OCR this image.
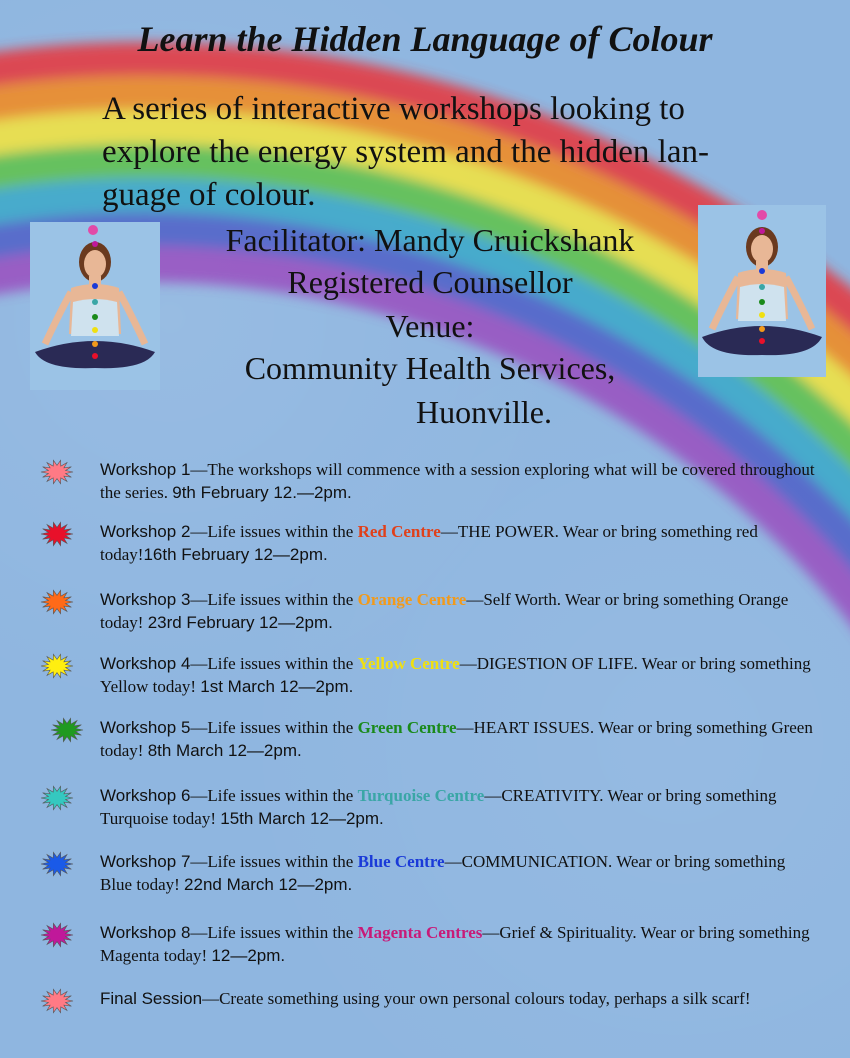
Learn the Hidden Language of Colour

A series of interactive workshops looking to
explore the energy system and the hidden lan-
guage of colour.

Facilitator: Mandy Cruickshank
Registered Counsellor
Venue:
Community Health Services,
Huonville.
Workshop 1—The workshops will commence with a session exploring what will be covered throughout the series. 9th February 12.—2pm.
Workshop 2—Life issues within the Red Centre—THE POWER. Wear or bring something red today!16th February 12—2pm.
Workshop 3—Life issues within the Orange Centre—Self Worth. Wear or bring something Orange today! 23rd February 12—2pm.
Workshop 4—Life issues within the Yellow Centre—DIGESTION OF LIFE. Wear or bring something Yellow today! 1st March 12—2pm.
Workshop 5—Life issues within the Green Centre—HEART ISSUES. Wear or bring something Green today! 8th March 12—2pm.
Workshop 6—Life issues within the Turquoise Centre—CREATIVITY. Wear or bring something Turquoise today! 15th March 12—2pm.
Workshop 7—Life issues within the Blue Centre—COMMUNICATION. Wear or bring something Blue today! 22nd March 12—2pm.
Workshop 8—Life issues within the Magenta Centres—Grief & Spirituality. Wear or bring something Magenta today! 12—2pm.
Final Session—Create something using your own personal colours today, perhaps a silk scarf!
